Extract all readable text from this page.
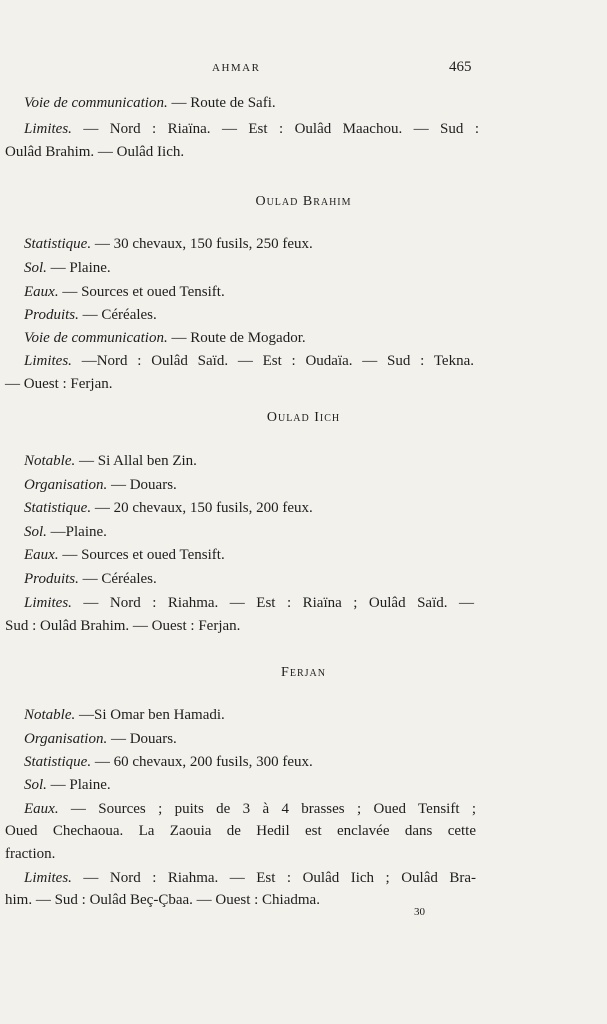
AHMAR	465

Voie de communication. — Route de Safi.

Limites. — Nord : Riaïna. — Est : Oulâd Maachou. — Sud :

Oulâd Brahim. — Oulâd Iich.

Oulad Brahim

Statistique. — 30 chevaux, 150 fusils, 250 feux.

Sol. — Plaine.

Eaux. — Sources et oued Tensift.

Produits. — Céréales.

Voie de communication. — Route de Mogador.

Limites. —Nord : Oulâd Saïd. — Est : Oudaïa. — Sud : Tekna.

— Ouest : Ferjan.

Oulad Iich

Notable. — Si Allal ben Zin.

Organisation. — Douars.

Statistique. — 20 chevaux, 150 fusils, 200 feux.

Sol. —Plaine.

Eaux. — Sources et oued Tensift.

Produits. — Céréales.

Limites. — Nord : Riahma. — Est : Riaïna ; Oulâd Saïd. —

Sud : Oulâd Brahim. — Ouest : Ferjan.

Ferjan

Notable. —Si Omar ben Hamadi.

Organisation. — Douars.

Statistique. — 60 chevaux, 200 fusils, 300 feux.

Sol. — Plaine.

Eaux. — Sources ; puits de 3 à 4 brasses ; Oued Tensift ;

Oued Chechaoua. La Zaouia de Hedil est enclavée dans cette

fraction.

Limites. — Nord : Riahma. — Est : Oulâd Iich ; Oulâd Bra-

him. — Sud : Oulâd Beç-Çbaa. — Ouest : Chiadma.

30
